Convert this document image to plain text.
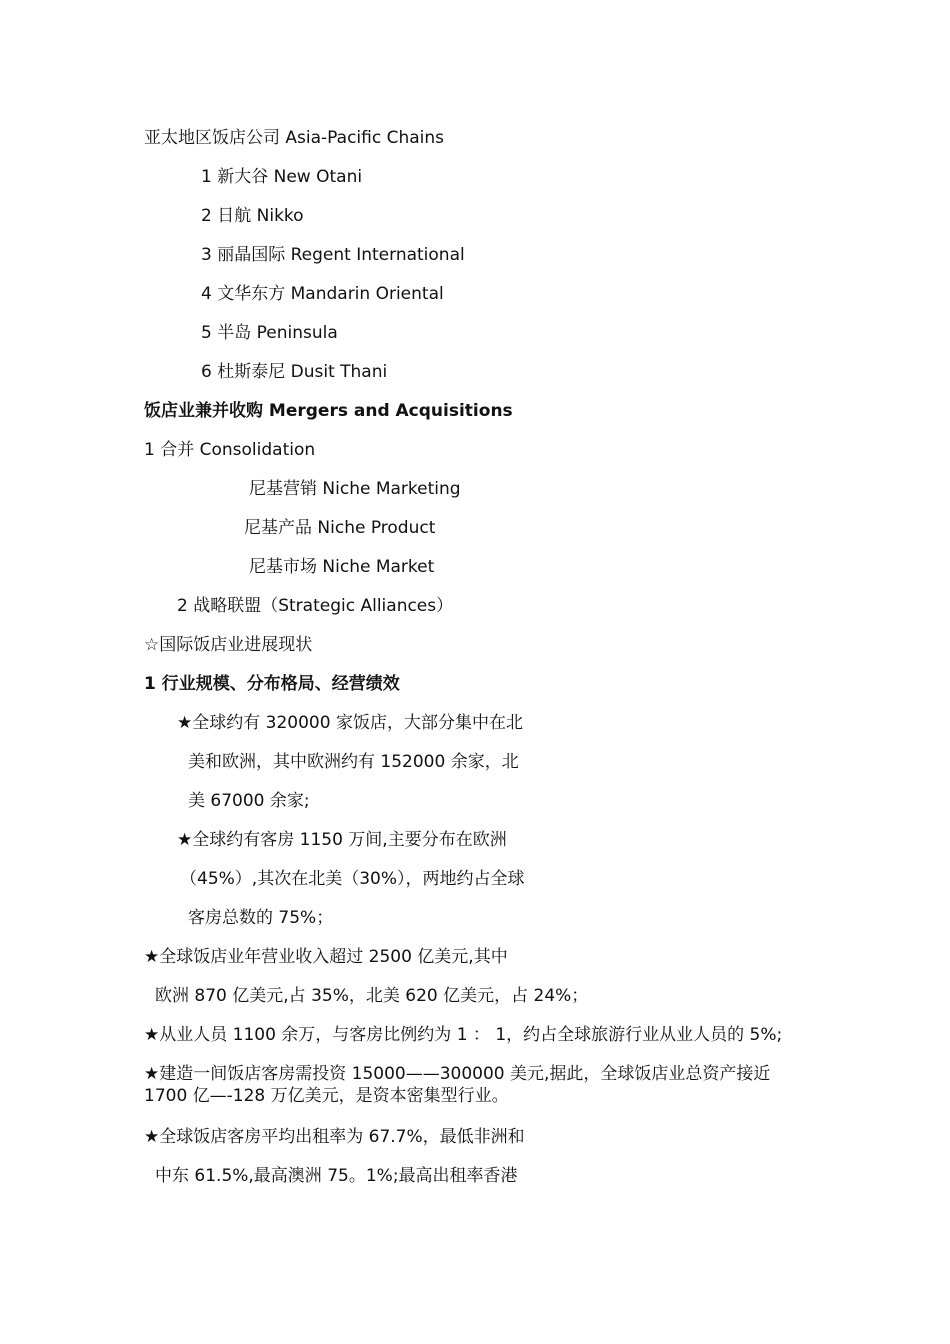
亚太地区饭店公司 Asia-Pacific Chains
1 新大谷 New Otani
2 日航 Nikko
3 丽晶国际 Regent International
4 文华东方 Mandarin Oriental
5 半岛 Peninsula
6 杜斯泰尼 Dusit Thani
饭店业兼并收购 Mergers and Acquisitions
1 合并 Consolidation
尼基营销 Niche Marketing
尼基产品 Niche Product
尼基市场 Niche Market
2 战略联盟（Strategic Alliances）
☆国际饭店业进展现状
1 行业规模、分布格局、经营绩效
★全球约有 320000 家饭店，大部分集中在北
美和欧洲，其中欧洲约有 152000 余家，北
美 67000 余家;
★全球约有客房 1150 万间,主要分布在欧洲
（45%）,其次在北美（30%），两地约占全球
客房总数的 75%；
★全球饭店业年营业收入超过 2500 亿美元,其中
欧洲 870 亿美元,占 35%，北美 620 亿美元，占 24%；
★从业人员 1100 余万，与客房比例约为 1 ： 1，约占全球旅游行业从业人员的 5%;
★建造一间饭店客房需投资 15000——300000 美元,据此，全球饭店业总资产接近 1700 亿—-128 万亿美元，是资本密集型行业。
★全球饭店客房平均出租率为 67.7%，最低非洲和
中东 61.5%,最高澳洲 75。1%;最高出租率香港
